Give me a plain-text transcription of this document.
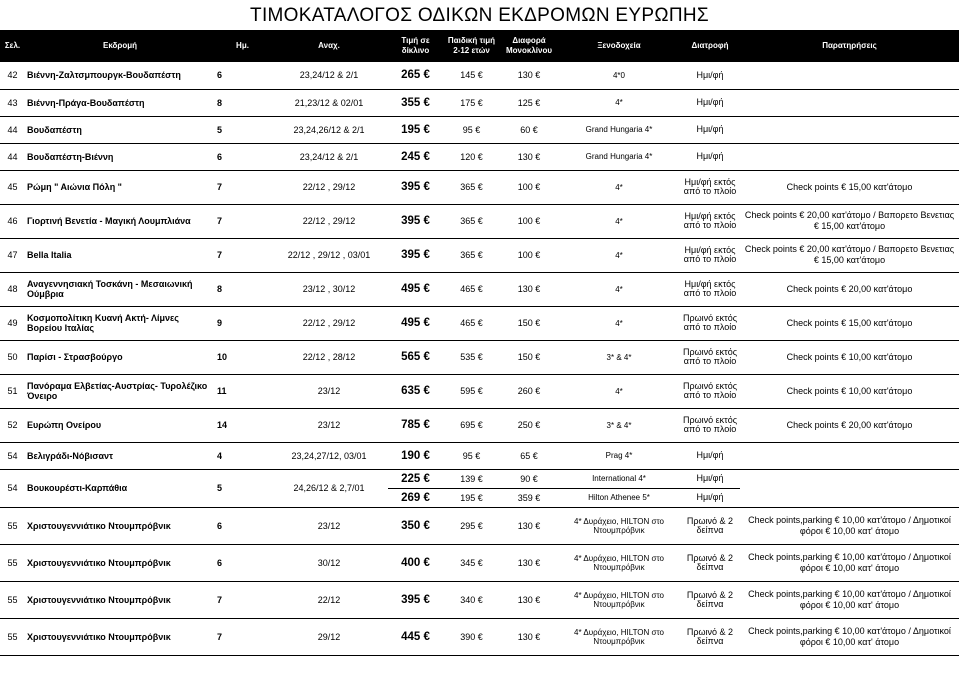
ΤΙΜΟΚΑΤΑΛΟΓΟΣ ΟΔΙΚΩΝ ΕΚΔΡΟΜΩΝ ΕΥΡΩΠΗΣ
Σελ.	Εκδρομή	Ημ.	Αναχ.	Τιμή σε δίκλινο	Παιδική τιμή 2-12 ετών	Διαφορά Μονοκλίνου	Ξενοδοχεία	Διατροφή	Παρατηρήσεις
42	Βιέννη-Ζαλτσμπουργκ-Βουδαπέστη	6	23,24/12 & 2/1	265 €	145 €	130 €	4*0	Ημι/φή	
43	Βιέννη-Πράγα-Βουδαπέστη	8	21,23/12 & 02/01	355 €	175 €	125 €	4*	Ημι/φή	
44	Βουδαπέστη	5	23,24,26/12 & 2/1	195 €	95 €	60 €	Grand Hungaria 4*	Ημι/φή	
44	Βουδαπέστη-Βιέννη	6	23,24/12 & 2/1	245 €	120 €	130 €	Grand Hungaria 4*	Ημι/φή	
45	Ρώμη " Αιώνια Πόλη "	7	22/12 , 29/12	395 €	365 €	100 €	4*	Ημι/φή εκτός από το πλοίο	Check points € 15,00 κατ'άτομο
46	Γιορτινή Βενετία - Μαγική Λουμπλιάνα	7	22/12 , 29/12	395 €	365 €	100 €	4*	Ημι/φή εκτός από το πλοίο	Check points € 20,00 κατ'άτομο / Βαπορετο Βενετιας € 15,00 κατ'άτομο
47	Bella Italia	7	22/12 , 29/12 , 03/01	395 €	365 €	100 €	4*	Ημι/φή εκτός από το πλοίο	Check points € 20,00 κατ'άτομο / Βαπορετο Βενετιας € 15,00 κατ'άτομο
48	Αναγεννησιακή Τοσκάνη - Μεσαιωνική Ούμβρια	8	23/12 , 30/12	495 €	465 €	130 €	4*	Ημι/φή εκτός από το πλοίο	Check points € 20,00 κατ'άτομο
49	Κοσμοπολίτικη Κυανή Ακτή- Λίμνες Βορείου Ιταλίας	9	22/12 , 29/12	495 €	465 €	150 €	4*	Πρωινό εκτός από το πλοίο	Check points € 15,00 κατ'άτομο
50	Παρίσι - Στρασβούργο	10	22/12 , 28/12	565 €	535 €	150 €	3* & 4*	Πρωινό εκτός από το πλοίο	Check points € 10,00 κατ'άτομο
51	Πανόραμα Ελβετίας-Αυστρίας- Τυρολέζικο Όνειρο	11	23/12	635 €	595 €	260 €	4*	Πρωινό εκτός από το πλοίο	Check points € 10,00 κατ'άτομο
52	Ευρώπη Ονείρου	14	23/12	785 €	695 €	250 €	3* & 4*	Πρωινό εκτός από το πλοίο	Check points € 20,00 κατ'άτομο
54	Βελιγράδι-Νόβισαντ	4	23,24,27/12, 03/01	190 €	95 €	65 €	Prag 4*	Ημι/φή	
54	Βουκουρέστι-Καρπάθια	5	24,26/12 & 2,7/01	225 €	139 €	90 €	International 4*	Ημι/φή	
				269 €	195 €	359 €	Hilton Athenee 5*	Ημι/φή	
55	Χριστουγεννιάτικο Ντουμπρόβνικ	6	23/12	350 €	295 €	130 €	4* Δυράχειο, HILTON στο Ντουμπρόβνικ	Πρωινό & 2 δείπνα	Check points,parking € 10,00 κατ'άτομο / Δημοτικοί φόροι € 10,00 κατ' άτομο
55	Χριστουγεννιάτικο Ντουμπρόβνικ	6	30/12	400 €	345 €	130 €	4* Δυράχειο, HILTON στο Ντουμπρόβνικ	Πρωινό & 2 δείπνα	Check points,parking € 10,00 κατ'άτομο / Δημοτικοί φόροι € 10,00 κατ' άτομο
55	Χριστουγεννιάτικο Ντουμπρόβνικ	7	22/12	395 €	340 €	130 €	4* Δυράχειο, HILTON στο Ντουμπρόβνικ	Πρωινό & 2 δείπνα	Check points,parking € 10,00 κατ'άτομο / Δημοτικοί φόροι € 10,00 κατ' άτομο
55	Χριστουγεννιάτικο Ντουμπρόβνικ	7	29/12	445 €	390 €	130 €	4* Δυράχειο, HILTON στο Ντουμπρόβνικ	Πρωινό & 2 δείπνα	Check points,parking € 10,00 κατ'άτομο / Δημοτικοί φόροι € 10,00 κατ' άτομο
